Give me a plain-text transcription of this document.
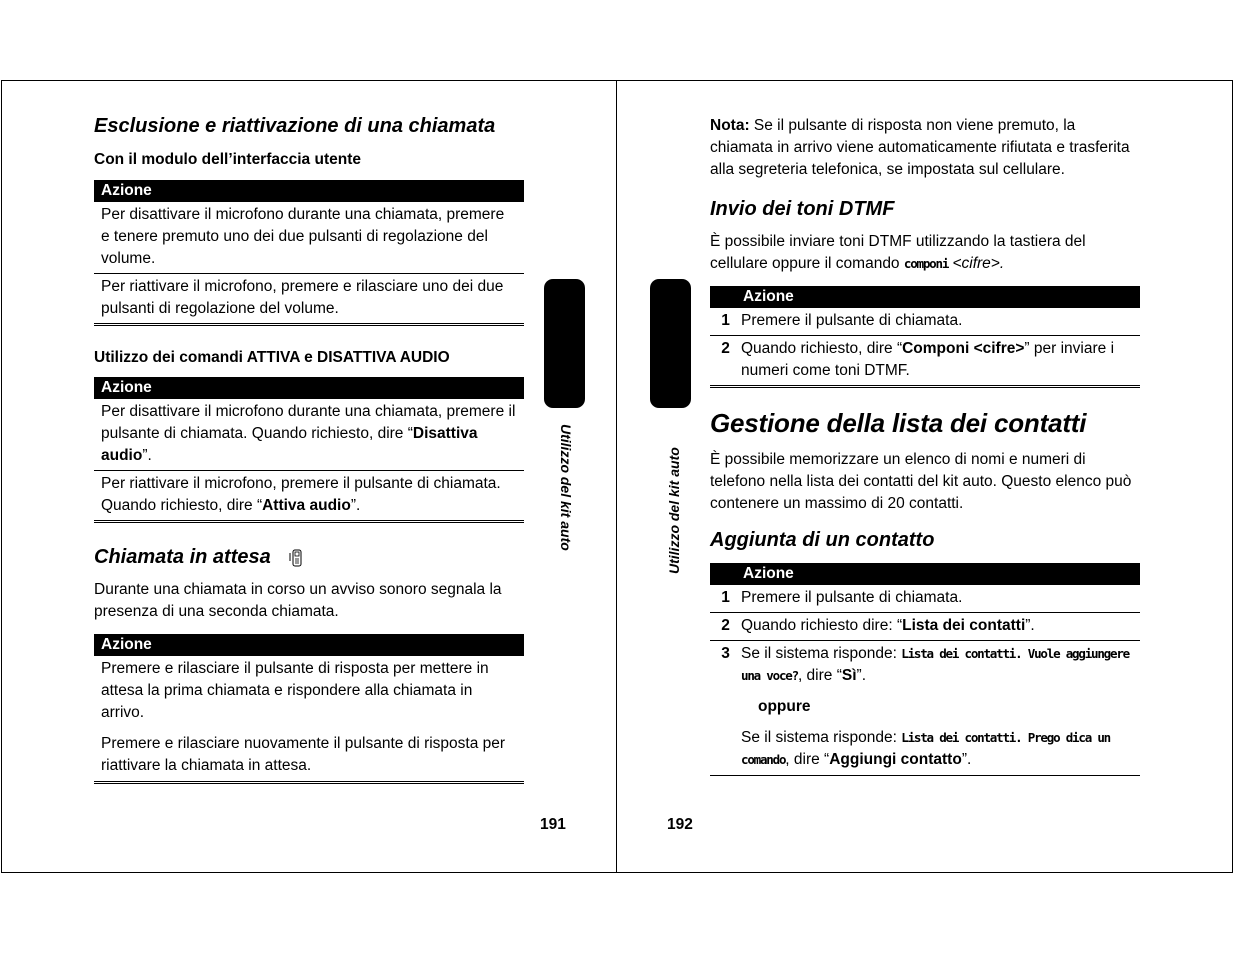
Esclusione e riattivazione di una chiamata

Con il modulo dell’interfaccia utente

Azione
Per disattivare il microfono durante una chiamata, premere e tenere premuto uno dei due pulsanti di regolazione del volume.
Per riattivare il microfono, premere e rilasciare uno dei due pulsanti di regolazione del volume.

Utilizzo dei comandi ATTIVA e DISATTIVA AUDIO

Azione
Per disattivare il microfono durante una chiamata, premere il pulsante di chiamata. Quando richiesto, dire “Disattiva audio”.
Per riattivare il microfono, premere il pulsante di chiamata. Quando richiesto, dire “Attiva audio”.
Chiamata in attesa

Durante una chiamata in corso un avviso sonoro segnala la presenza di una seconda chiamata.

Azione
Premere e rilasciare il pulsante di risposta per mettere in attesa la prima chiamata e rispondere alla chiamata in arrivo.
Premere e rilasciare nuovamente il pulsante di risposta per riattivare la chiamata in attesa.
Utilizzo del kit auto
191

Nota: Se il pulsante di risposta non viene premuto, la chiamata in arrivo viene automaticamente rifiutata e trasferita alla segreteria telefonica, se impostata sul cellulare.

Invio dei toni DTMF

È possibile inviare toni DTMF utilizzando la tastiera del cellulare oppure il comando componi <cifre>.

Azione
1 Premere il pulsante di chiamata.
2 Quando richiesto, dire “Componi <cifre>” per inviare i numeri come toni DTMF.
Gestione della lista dei contatti

È possibile memorizzare un elenco di nomi e numeri di telefono nella lista dei contatti del kit auto. Questo elenco può contenere un massimo di 20 contatti.

Aggiunta di un contatto
Azione
1 Premere il pulsante di chiamata.
2 Quando richiesto dire: “Lista dei contatti”.
3 Se il sistema risponde: Lista dei contatti. Vuole aggiungere una voce?, dire “Sì”.
oppure
Se il sistema risponde: Lista dei contatti. Prego dica un comando, dire “Aggiungi contatto”.
Utilizzo del kit auto
192
